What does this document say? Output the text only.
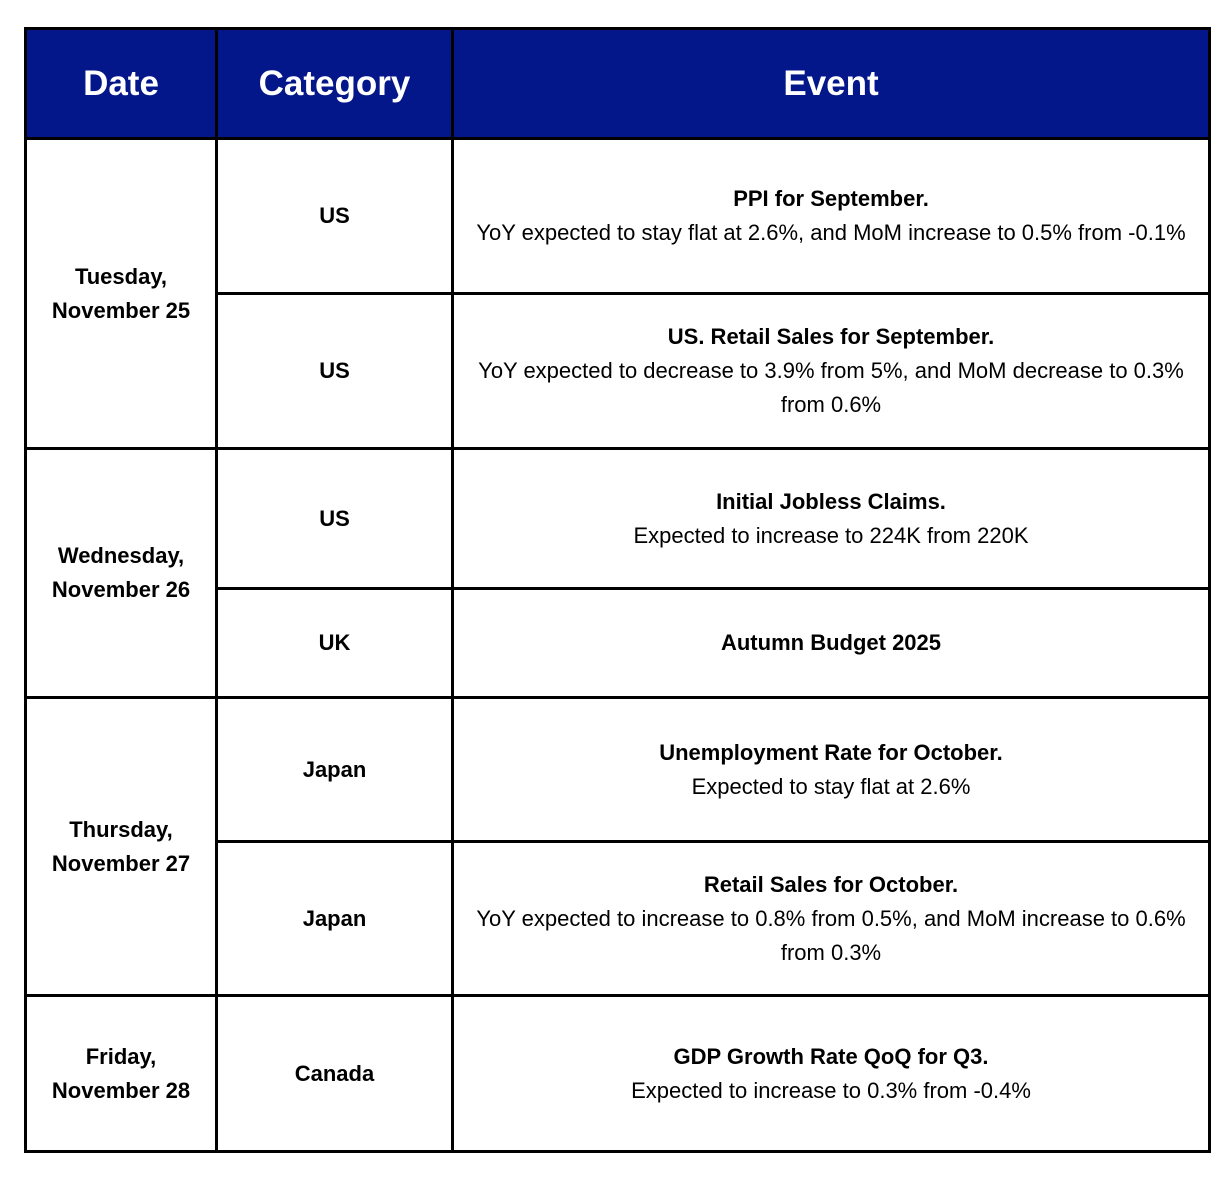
Date	Category	Event
Tuesday, November 25	US	PPI for September.
YoY expected to stay flat at 2.6%, and MoM increase to 0.5% from -0.1%

	US	US. Retail Sales for September.
YoY expected to decrease to 3.9% from 5%, and MoM decrease to 0.3% from 0.6%

Wednesday, November 26	US	Initial Jobless Claims.
Expected to increase to 224K from 220K

	UK	Autumn Budget 2025

Thursday, November 27	Japan	Unemployment Rate for October.
Expected to stay flat at 2.6%

	Japan	Retail Sales for October.
YoY expected to increase to 0.8% from 0.5%, and MoM increase to 0.6% from 0.3%

Friday, November 28	Canada	GDP Growth Rate QoQ for Q3.
Expected to increase to 0.3% from -0.4%
